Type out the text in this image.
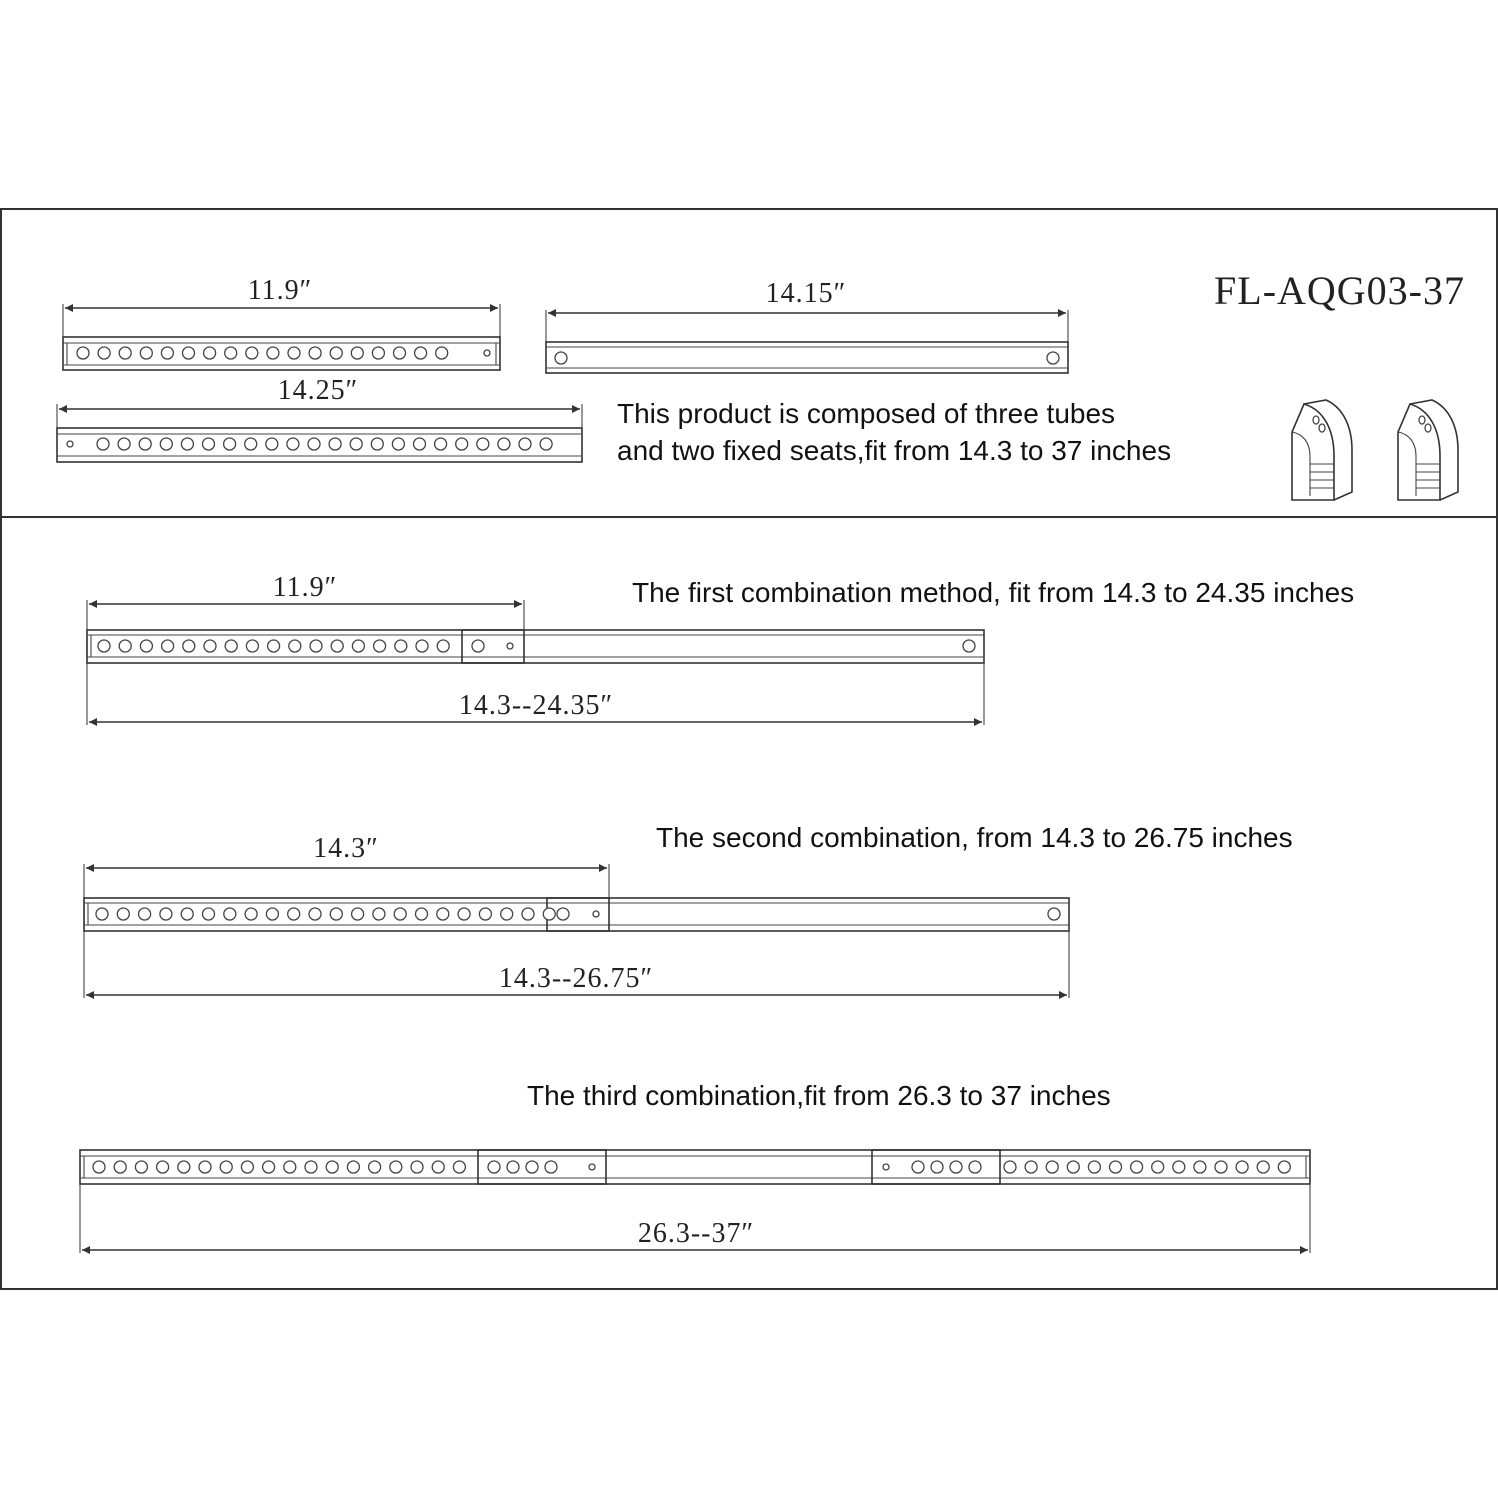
FL-AQG03-37
11.9″	14.15″
14.25″
This product is composed of three tubes
and two fixed seats,fit from 14.3 to 37 inches
The first combination method, fit from 14.3 to 24.35 inches
11.9″
14.3--24.35″
The second combination, from 14.3 to 26.75 inches
14.3″
14.3--26.75″
The third combination,fit from 26.3 to 37 inches
26.3--37″
